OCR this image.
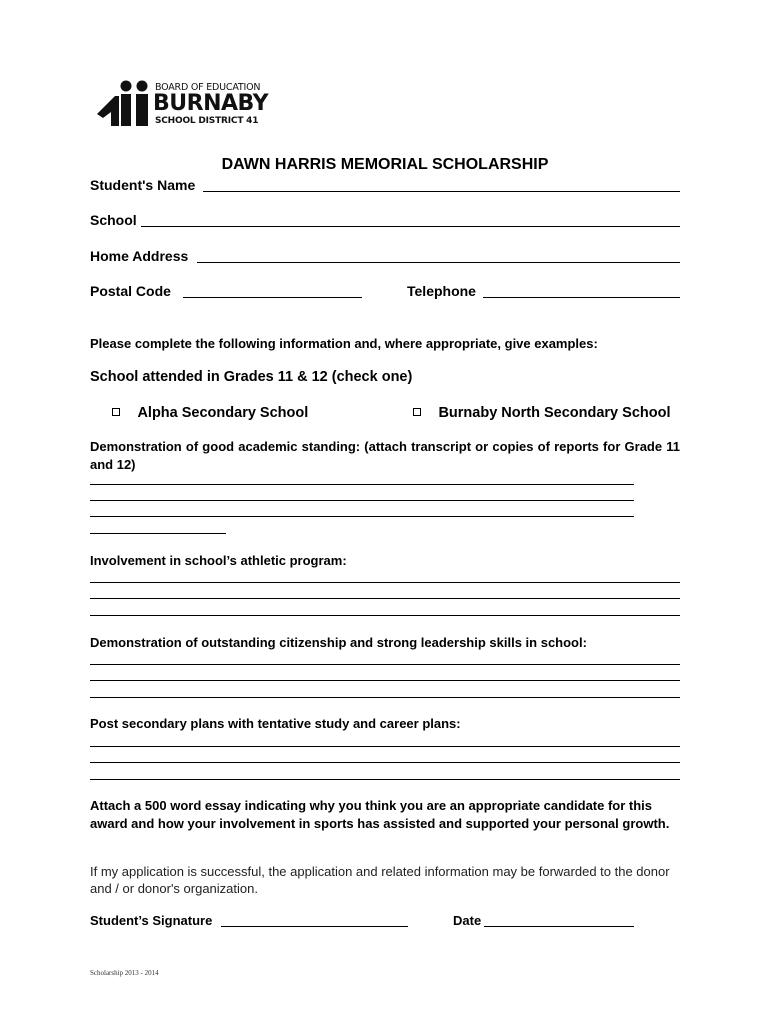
BOARD OF EDUCATION
BURNABY
SCHOOL DISTRICT 41
DAWN HARRIS MEMORIAL SCHOLARSHIP
Student's Name
School
Home Address
Postal Code	Telephone
Please complete the following information and, where appropriate, give examples:
School attended in Grades 11 & 12 (check one)
Alpha Secondary School	Burnaby North Secondary School
Demonstration of good academic standing: (attach transcript or copies of reports for Grade 11 and 12)
Involvement in school’s athletic program:
Demonstration of outstanding citizenship and strong leadership skills in school:
Post secondary plans with tentative study and career plans:
Attach a 500 word essay indicating why you think you are an appropriate candidate for this award and how your involvement in sports has assisted and supported your personal growth.
If my application is successful, the application and related information may be forwarded to the donor and / or donor's organization.
Student’s Signature	Date
Scholarship 2013 - 2014
